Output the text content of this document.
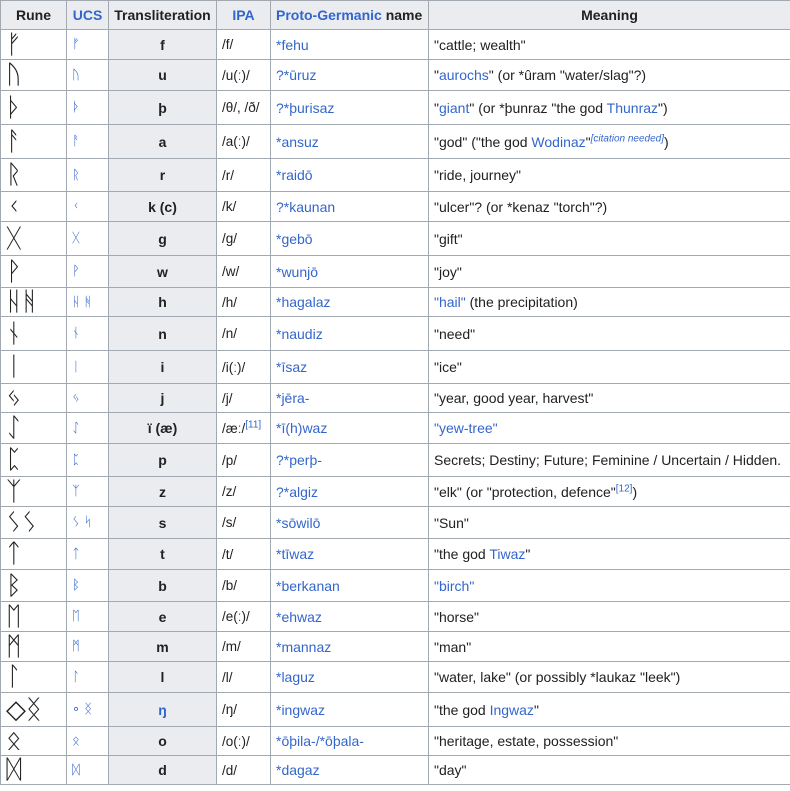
Rune	UCS	Transliteration	IPA	Proto-Germanic name	Meaning
ᚠ	ᚠ	f	/f/	*fehu	"cattle; wealth"
ᚢ	ᚢ	u	/u(ː)/	?*ūruz	"aurochs" (or *ûram "water/slag"?)
ᚦ	ᚦ	þ	/θ/, /ð/	?*þurisaz	"giant" (or *þunraz "the god Thunraz")
ᚨ	ᚨ	a	/a(ː)/	*ansuz	"god" ("the god Wodinaz"[citation needed])
ᚱ	ᚱ	r	/r/	*raidō	"ride, journey"
ᚲ	ᚲ	k (c)	/k/	?*kaunan	"ulcer"? (or *kenaz "torch"?)
ᚷ	ᚷ	g	/g/	*gebō	"gift"
ᚹ	ᚹ	w	/w/	*wunjō	"joy"
ᚺᚻ	ᚺ ᚻ	h	/h/	*hagalaz	"hail" (the precipitation)
ᚾ	ᚾ	n	/n/	*naudiz	"need"
ᛁ	ᛁ	i	/i(ː)/	*īsaz	"ice"
ᛃ	ᛃ	j	/j/	*jēra-	"year, good year, harvest"
ᛇ	ᛇ	ï (æ)	/æː/[11]	*ī(h)waz	"yew-tree"
ᛈ	ᛈ	p	/p/	?*perþ-	Secrets; Destiny; Future; Feminine / Uncertain / Hidden.
ᛉ	ᛉ	z	/z/	?*algiz	"elk" (or "protection, defence"[12])
ᛊᛊ	ᛊ ᛋ	s	/s/	*sōwilō	"Sun"
ᛏ	ᛏ	t	/t/	*tīwaz	"the god Tiwaz"
ᛒ	ᛒ	b	/b/	*berkanan	"birch"
ᛖ	ᛖ	e	/e(ː)/	*ehwaz	"horse"
ᛗ	ᛗ	m	/m/	*mannaz	"man"
ᛚ	ᛚ	l	/l/	*laguz	"water, lake" (or possibly *laukaz "leek")
◇ᛝ	∘ ᛝ	ŋ	/ŋ/	*ingwaz	"the god Ingwaz"
ᛟ	ᛟ	o	/o(ː)/	*ōþila-/*ōþala-	"heritage, estate, possession"
ᛞ	ᛞ	d	/d/	*dagaz	"day"
